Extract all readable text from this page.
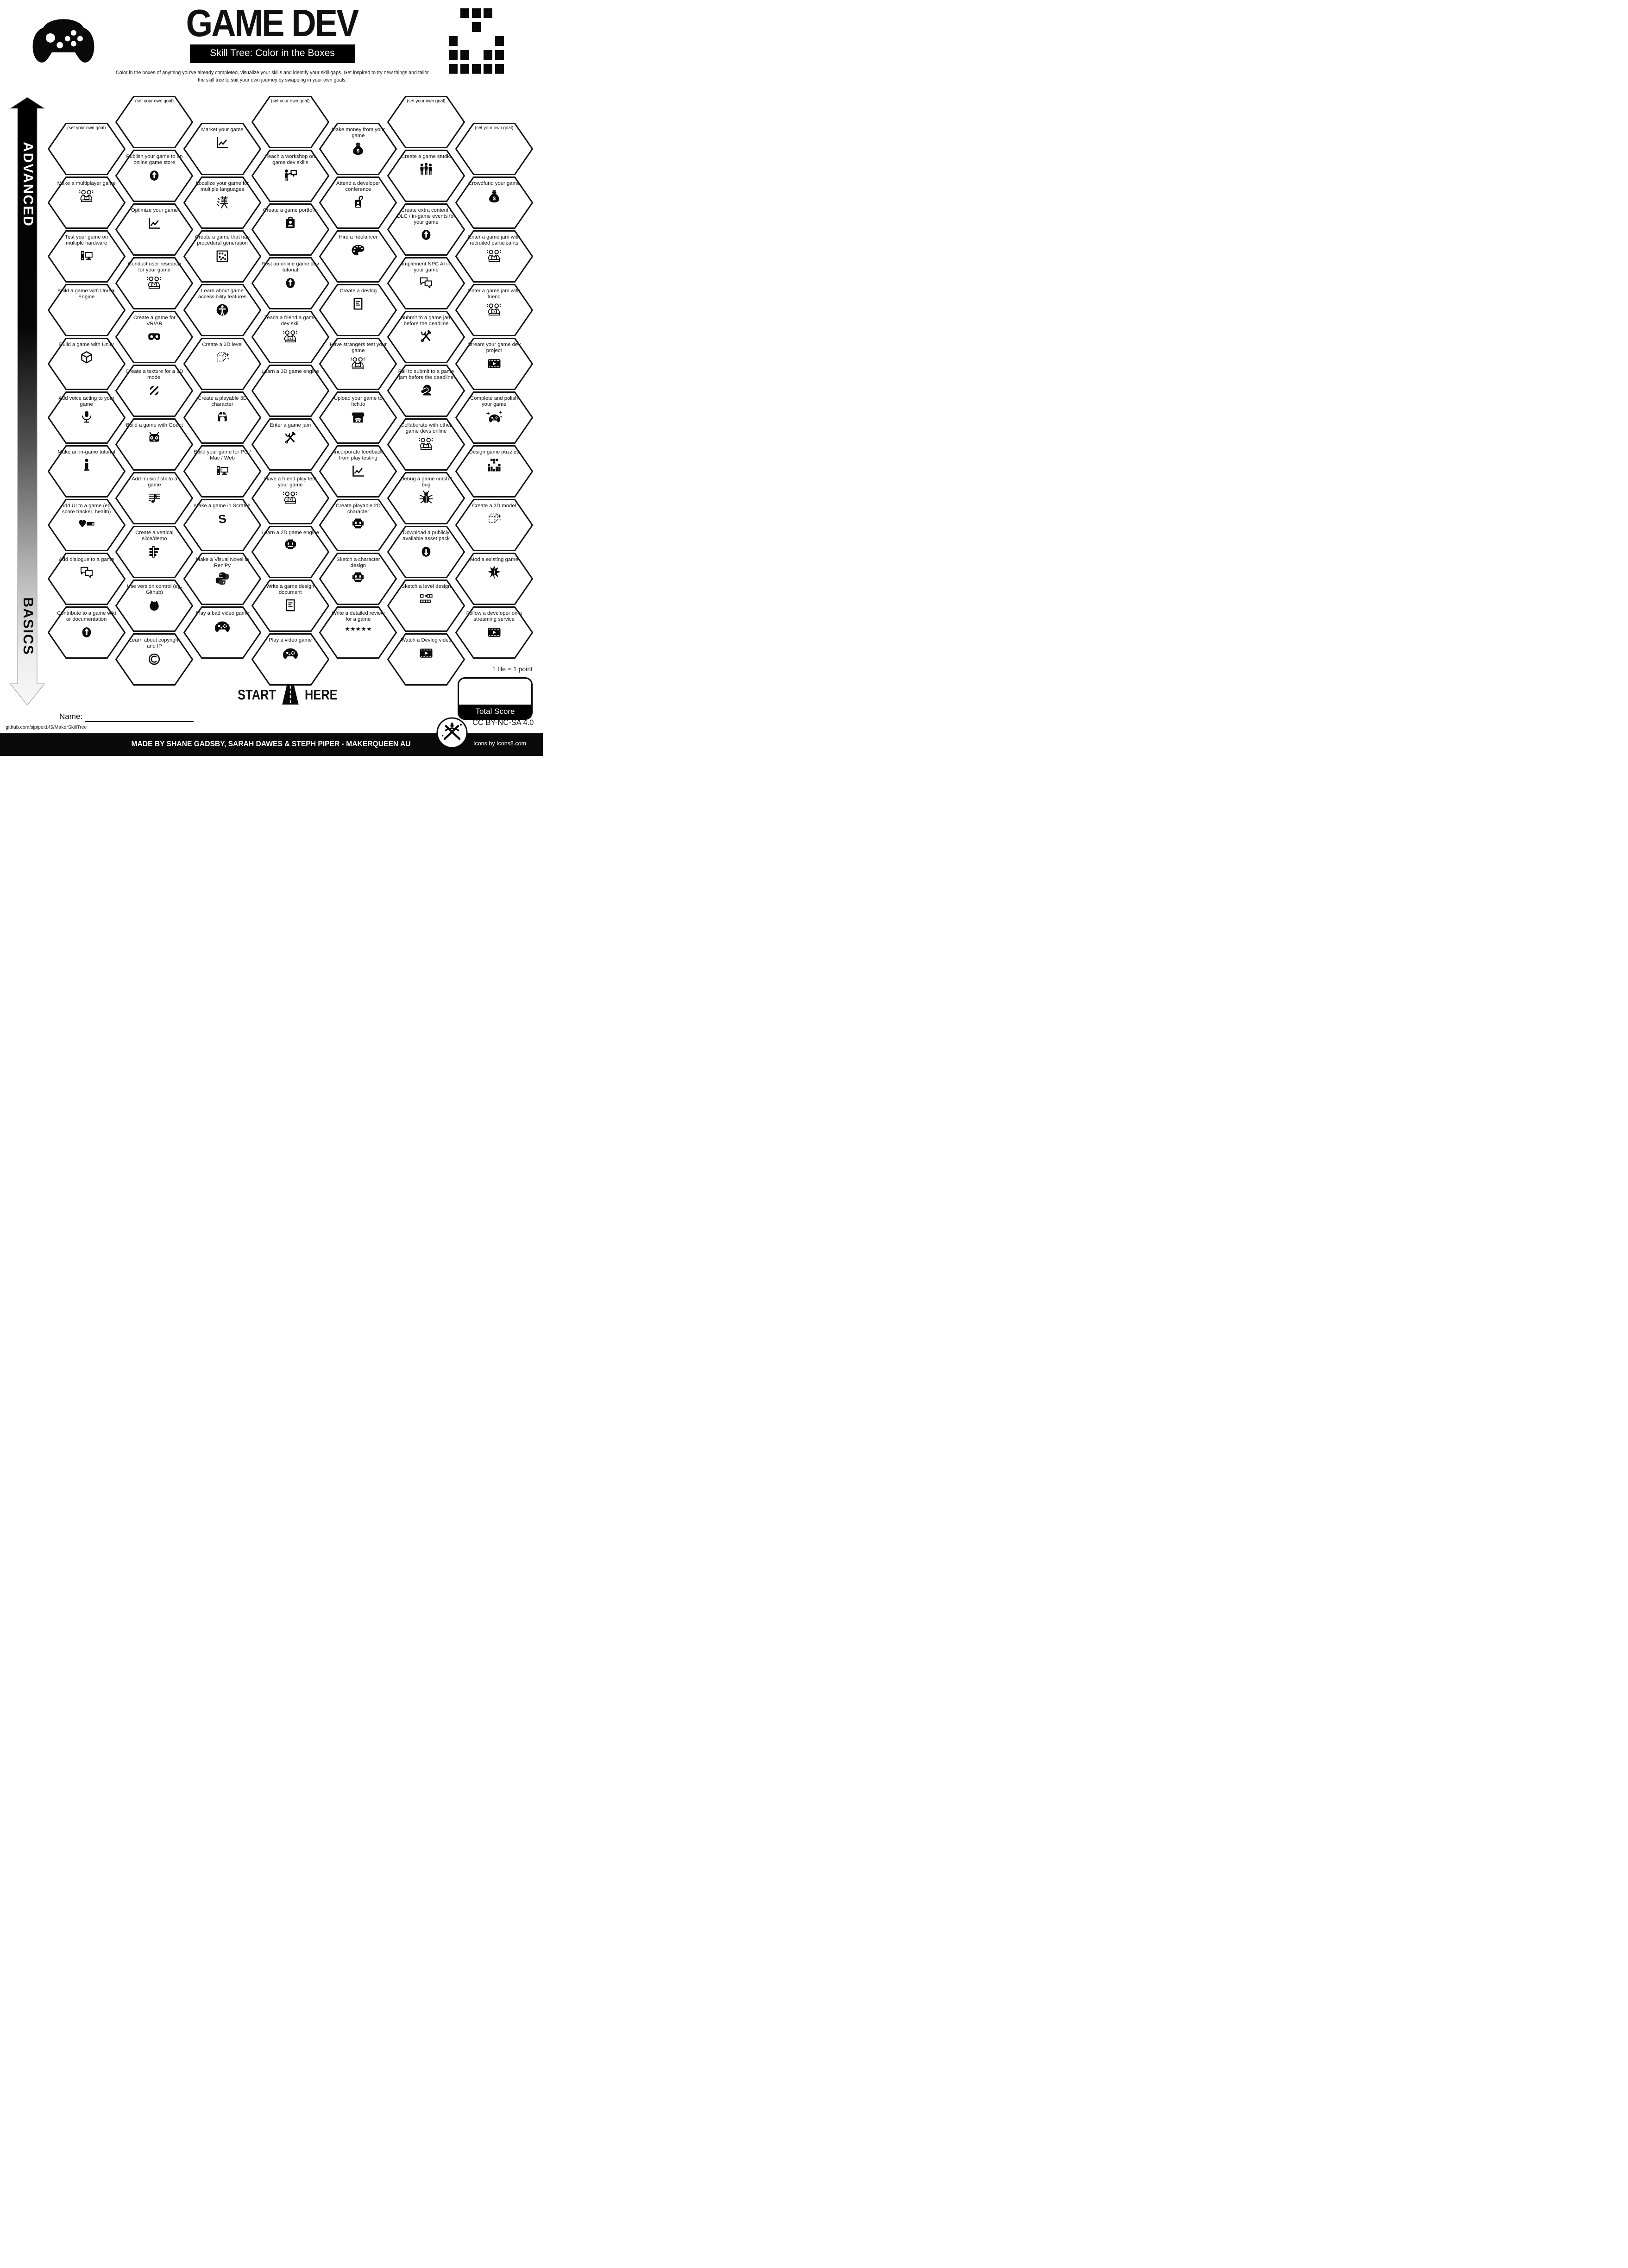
GAME DEV
Skill Tree: Color in the Boxes
Color in the boxes of anything you've already completed, visualize your skills and identify your skill gaps. Get inspired to try new things and tailor the skill tree to suit your own journey by swapping in your own goals.
ADVANCED
BASICS
(set your own goal)
Make a multiplayer game
Test your game on multiple hardware
Build a game with Unreal Engine
Build a game with Unity
Add voice acting to your game
Make an in-game tutorial
Add UI to a game (eg. score tracker, health)
Add dialogue to a game
Contribute to a game wiki or documentation
(set your own goal)
Publish your game to an online game store
Optimize your game
Conduct user research for your game
Create a game for VR/AR
Create a texture for a 3D model
Build a game with Godot
Add music / sfx to a game
Create a vertical slice/demo
Use version control (eg. Github)
Learn about copyright and IP
Market your game
Localize your game for multiple languages
Create a game that has procedural generation
Learn about game accessibility features
Create a 3D level
Create a playable 3D character
Build your game for PC / Mac / Web
Make a game in Scratch
Make a Visual Novel in Ren'Py
Play a bad video game
(set your own goal)
Teach a workshop on game dev skills
Create a game portfolio
Post an online game dev tutorial
Teach a friend a game dev skill
Learn a 3D game engine
Enter a game jam
Have a friend play test your game
Learn a 2D game engine
Write a game design document
Play a video game
Make money from your game
Attend a developer conference
Hire a freelancer
Create a devlog
Have strangers test your game
Upload your game to Itch.io
Incorporate feedback from play testing
Create playable 2D character
Sketch a character design
Write a detailed review for a game
★★★★★
(set your own goal)
Create a game studio
Create extra content / DLC / in-game events for your game
Implement NPC AI in your game
Submit to a game jam before the deadline
Fail to submit to a game jam before the deadline
Collaborate with other game devs online
Debug a game crash / bug
Download a publicly available asset pack
Sketch a level design
Watch a Devlog video
(set your own goal)
Crowdfund your game
Enter a game jam with recruited participants
Enter a game jam with friend
Stream your game dev project
Complete and polish your game
Design game puzzles
Create a 3D model
Mod a existing game
Follow a developer on a streaming service
START HERE
1 tile = 1 point
Total Score
Name:
github.com/sjpiper145/MakerSkillTree
MADE BY SHANE GADSBY, SARAH DAWES & STEPH PIPER - MAKERQUEEN AU
CC BY-NC-SA 4.0
Icons by Icons8.com
